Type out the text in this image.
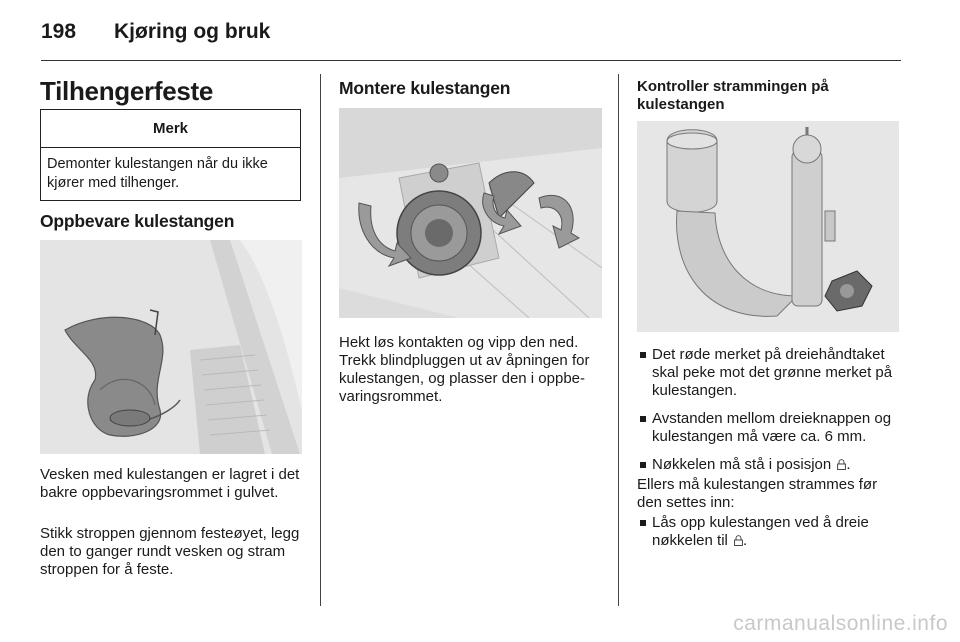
198 Kjøring og bruk
Tilhengerfeste
Merk
Demonter kulestangen når du ikke kjører med tilhenger.
Oppbevare kulestangen

Vesken med kulestangen er lagret i det bakre oppbevaringsrommet i gulvet.

Stikk stroppen gjennom festeøyet, legg den to ganger rundt vesken og stram stroppen for å feste.

Montere kulestangen

Hekt løs kontakten og vipp den ned. Trekk blindpluggen ut av åpningen for kulestangen, og plasser den i oppbevaringsrommet.

Kontroller strammingen på kulestangen
Det røde merket på dreiehåndtaket skal peke mot det grønne merket på kulestangen.
Avstanden mellom dreieknappen og kulestangen må være ca. 6 mm.
Nøkkelen må stå i posisjon .

Ellers må kulestangen strammes før den settes inn:

Lås opp kulestangen ved å dreie nøkkelen til .
carmanualsonline.info
